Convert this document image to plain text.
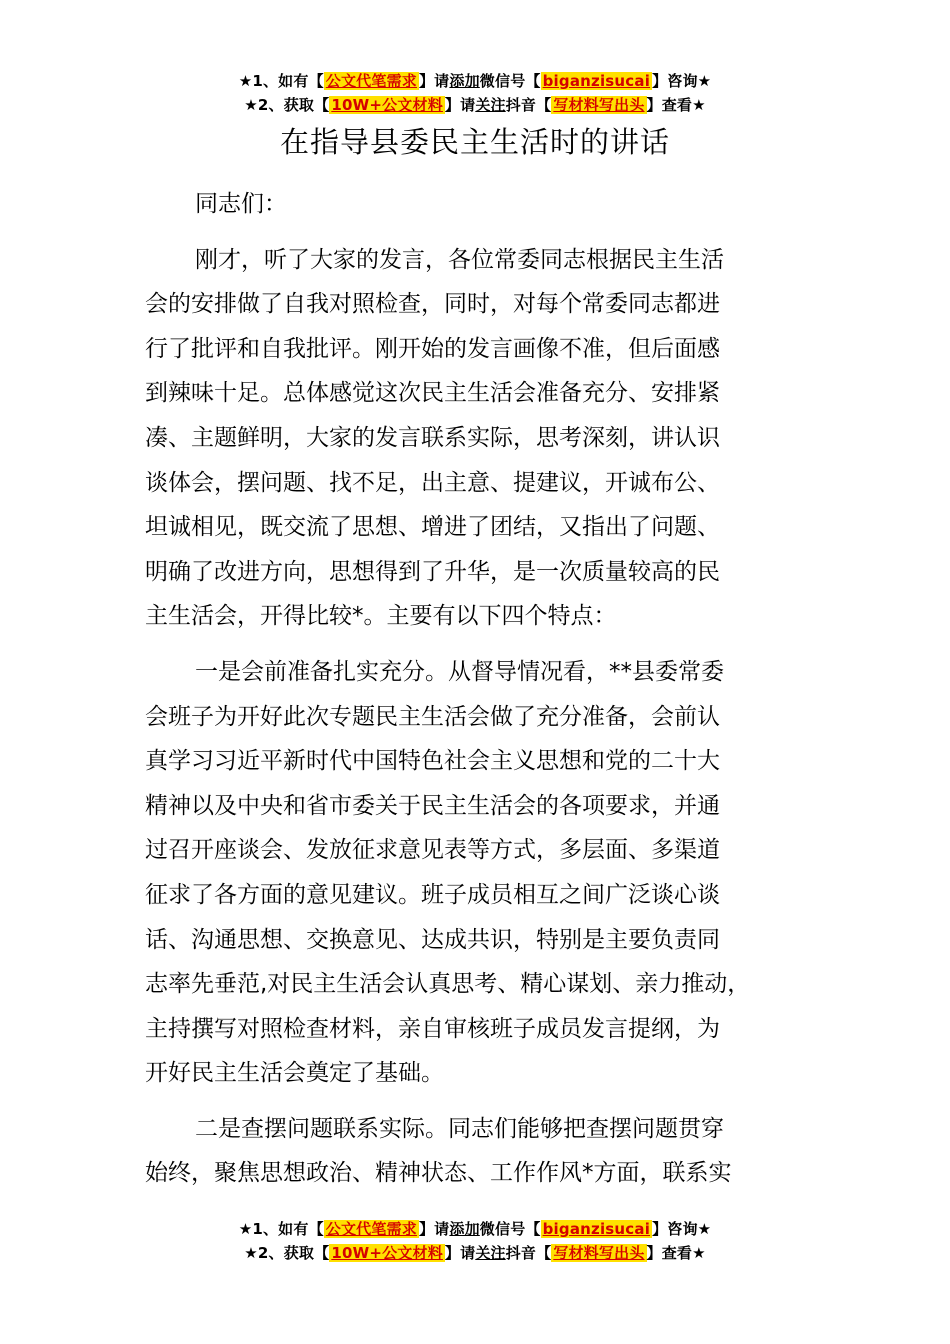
★1、如有【 公文代笔需求 】请添加微信号【 biganzisucai 】咨询★
★2、获取【 10W+公文材料 】请关注抖音【 写材料写出头 】查看★
在指导县委民主生活时的讲话
同志们：
刚才，听了大家的发言，各位常委同志根据民主生活
会的安排做了自我对照检查，同时，对每个常委同志都进
行了批评和自我批评。刚开始的发言画像不准，但后面感
到辣味十足。总体感觉这次民主生活会准备充分、安排紧
凑、主题鲜明，大家的发言联系实际，思考深刻，讲认识
谈体会，摆问题、找不足，出主意、提建议，开诚布公、
坦诚相见，既交流了思想、增进了团结，又指出了问题、
明确了改进方向，思想得到了升华，是一次质量较高的民
主生活会，开得比较*。主要有以下四个特点：
一是会前准备扎实充分。从督导情况看，**县委常委
会班子为开好此次专题民主生活会做了充分准备，会前认
真学习习近平新时代中国特色社会主义思想和党的二十大
精神以及中央和省市委关于民主生活会的各项要求，并通
过召开座谈会、发放征求意见表等方式，多层面、多渠道
征求了各方面的意见建议。班子成员相互之间广泛谈心谈
话、沟通思想、交换意见、达成共识，特别是主要负责同
志率先垂范,对民主生活会认真思考、精心谋划、亲力推动，
主持撰写对照检查材料，亲自审核班子成员发言提纲，为
开好民主生活会奠定了基础。
二是查摆问题联系实际。同志们能够把查摆问题贯穿
始终，聚焦思想政治、精神状态、工作作风*方面，联系实
★1、如有【 公文代笔需求 】请添加微信号【 biganzisucai 】咨询★
★2、获取【 10W+公文材料 】请关注抖音【 写材料写出头 】查看★
